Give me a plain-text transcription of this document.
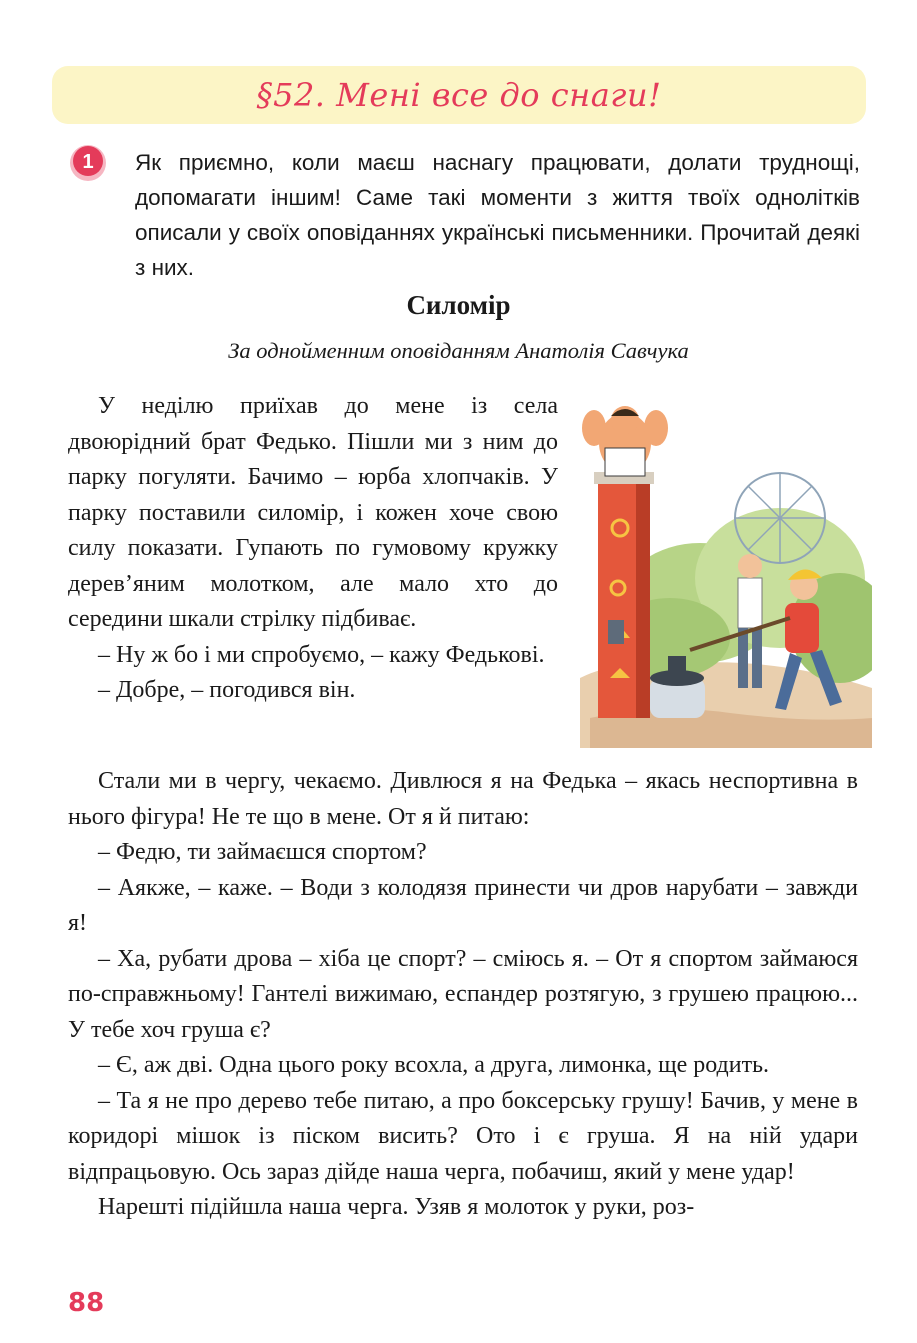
§52. Мені все до снаги!
1 Як приємно, коли маєш наснагу працювати, долати труднощі, допомагати іншим! Саме такі моменти з життя твоїх однолітків описали у своїх оповіданнях українські письменники. Прочитай деякі з них.

Силомір
За однойменним оповіданням Анатолія Савчука

У неділю приїхав до мене із села двоюрідний брат Федько. Пішли ми з ним до парку погуляти. Бачимо – юрба хлопчаків. У парку поставили силомір, і кожен хоче свою силу показати. Гупають по гумовому кружку дерев’яним молотком, але мало хто до середини шкали стрілку підбиває.

– Ну ж бо і ми спробуємо, – кажу Федькові.

– Добре, – погодився він.

Стали ми в чергу, чекаємо. Дивлюся я на Федька – якась неспортивна в нього фігура! Не те що в мене. От я й питаю:

– Федю, ти займаєшся спортом?

– Аякже, – каже. – Води з колодязя принести чи дров нарубати – завжди я!

– Ха, рубати дрова – хіба це спорт? – сміюсь я. – От я спортом займаюся по-справжньому! Гантелі вижимаю, еспандер розтягую, з грушею працюю... У тебе хоч груша є?

– Є, аж дві. Одна цього року всохла, а друга, лимонка, ще родить.

– Та я не про дерево тебе питаю, а про боксерську грушу! Бачив, у мене в коридорі мішок із піском висить? Ото і є груша. Я на ній удари відпрацьовую. Ось зараз дійде наша черга, побачиш, який у мене удар!

Нарешті підійшла наша черга. Узяв я молоток у руки, роз-

88
